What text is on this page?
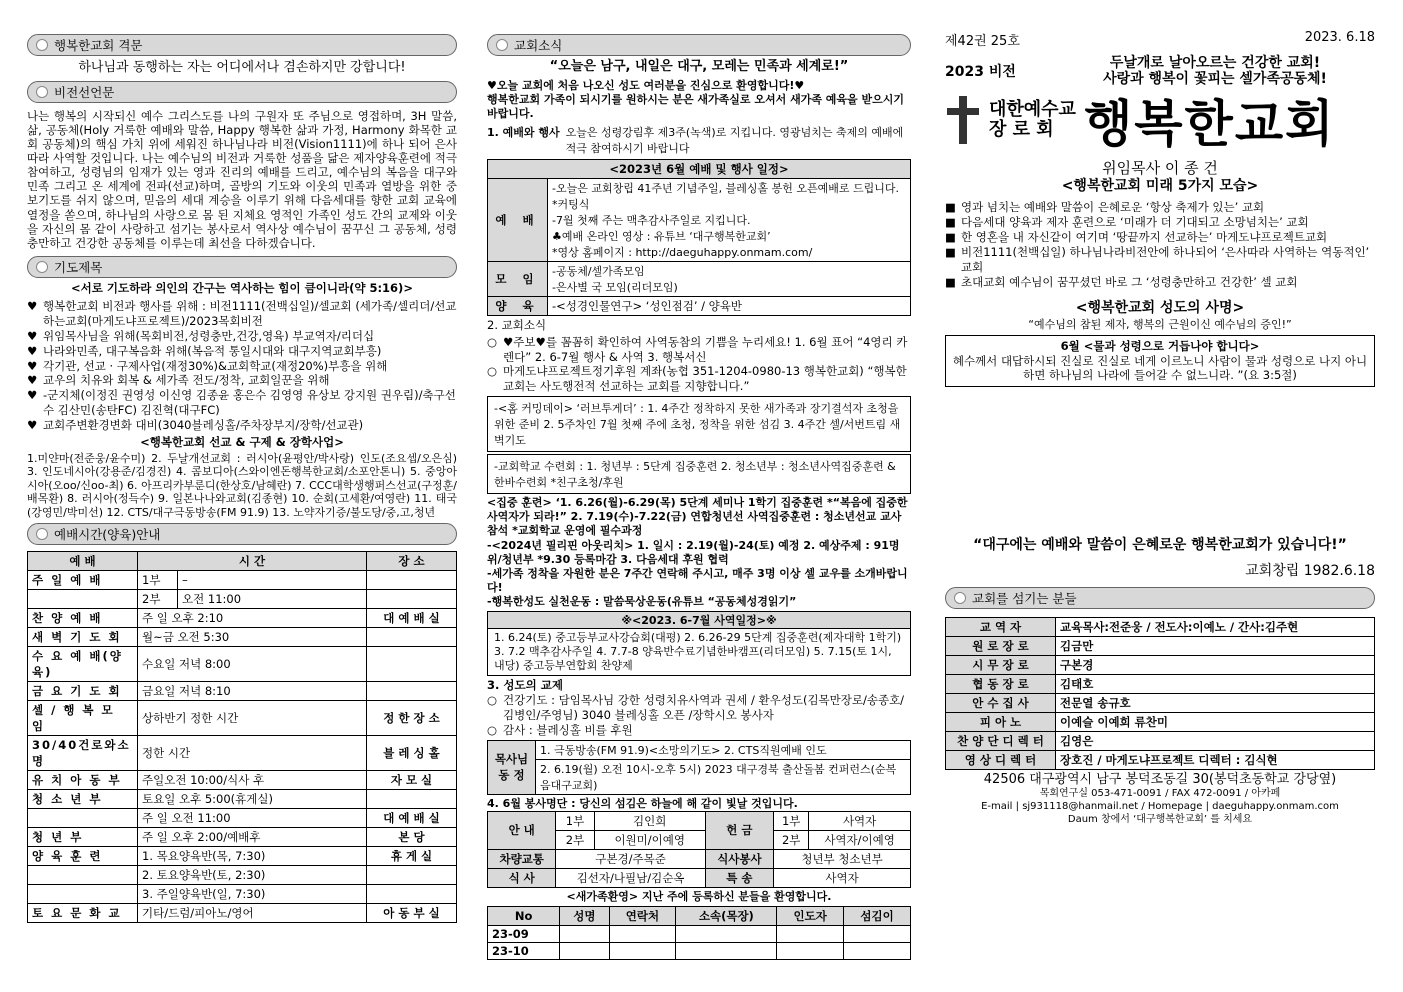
행복한교회 격문

하나님과 동행하는 자는 어디에서나 겸손하지만 강합니다!

비전선언문

나는 행복의 시작되신 예수 그리스도를 나의 구원자 또 주님으로 영접하며, 3H 말씀, 삶, 공동체(Holy 거룩한 예배와 말씀, Happy 행복한 삶과 가정, Harmony 화목한 교회 공동체)의 핵심 가치 위에 세워진 하나님나라 비전(Vision1111)에 하나 되어 은사 따라 사역할 것입니다. 나는 예수님의 비전과 거룩한 성품을 닮은 제자양육훈련에 적극 참여하고, 성령님의 임재가 있는 영과 진리의 예배를 드리고, 예수님의 복음을 대구와 민족 그리고 온 세계에 전파(선교)하며, 골방의 기도와 이웃의 민족과 열방을 위한 중보기도를 쉬지 않으며, 믿음의 세대 계승을 이루기 위해 다음세대를 향한 교회 교육에 열정을 쏟으며, 하나님의 사랑으로 몸 된 지체요 영적인 가족인 성도 간의 교제와 이웃을 자신의 몸 같이 사랑하고 섬기는 봉사로서 역사상 예수님이 꿈꾸신 그 공동체, 성령충만하고 건강한 공동체를 이루는데 최선을 다하겠습니다.

기도제목

<서로 기도하라 의인의 간구는 역사하는 힘이 큼이니라(약 5:16)>

♥ 행복한교회 비전과 행사를 위해 : 비전1111(전백십일)/셀교회 (세가족/셀리더/선교하는교회(마게도냐프로젝트)/2023목회비전
♥ 위임목사님을 위해(목회비전,성령충만,건강,영육) 부교역자/리더십
♥ 나라와민족, 대구복음화 위해(복음적 통일시대와 대구지역교회부흥)
♥ 각기관, 선교 · 구제사업(재정30%)&교회학교(재정20%)부흥을 위해
♥ 교우의 치유와 회복 & 세가족 전도/정착, 교회일꾼을 위해
♥ -군지체(이정진 권영성 이신영 김종윤 홍은수 김영영 유상보 강지원 권우림)/축구선수 김산민(송탄FC) 김진혁(대구FC)
♥ 교회주변환경변화 대비(3040블레싱홀/주차장부지/장학/선교관)

<행복한교회 선교 & 구제 & 장학사업>

1.미얀마(전준웅/윤수미) 2. 두날개선교회 : 러시아(윤평안/박사랑) 인도(조요셉/오은심) 3. 인도네시아(강용준/김경진) 4. 콤보디아(스와이엔돈행복한교회/소포안톤니) 5. 중앙아시아(오oo/신oo-최) 6. 아프리카부룬디(한상호/남혜란) 7. CCC대학생행퍼스선교(구정훈/배목환) 8. 러시아(정득수) 9. 일본나나와교회(김종현) 10. 순회(고세환/여영란) 11. 태국(강영민/박미선) 12. CTS/대구극동방송(FM 91.9) 13. 노약자기증/불도당/중,고,청년

예배시간(양육)안내
예 배	시 간		장 소
주 일 예 배	1부	–	
	2부	오전 11:00	
찬 양 예 배	주 일 오후 2:10		대 예 배 실
새 벽 기 도 회	월~금 오전 5:30		
수 요 예 배(양육)	수요일 저녁 8:00		
금 요 기 도 회	금요일 저녁 8:10		
셀 / 행 복 모 임	상하반기 정한 시간		정 한 장 소
30/40건로와소명	정한 시간		블 레 싱 홀
유 치 아 동 부	주일오전 10:00/식사 후		자 모 실
청 소 년 부	토요일 오후 5:00(휴게실)		
	주 일 오전 11:00		대 예 배 실
청 년 부	주 일 오후 2:00/예배후		본 당
양 육 훈 련	1. 목요양육반(목, 7:30)		휴 게 실
	2. 토요양육반(토, 2:30)		
	3. 주일양육반(일, 7:30)		
토 요 문 화 교	기타/드럼/피아노/영어		아 동 부 실
교회소식

“오늘은 남구, 내일은 대구, 모레는 민족과 세계로!”

♥오늘 교회에 처음 나오신 성도 여러분을 진심으로 환영합니다!♥

행복한교회 가족이 되시기를 원하시는 분은 새가족실로 오셔서 새가족 예육을 받으시기 바랍니다.

1. 예배와 행사 오늘은 성령강림후 제3주(녹색)로 지킵니다. 영광넘치는 축제의 예배에 적극 참여하시기 바랍니다
<2023년 6월 예배 및 행사 일정>	
예 배	-오늘은 교회창립 41주년 기념주일, 블레싱홀 봉헌 오픈예배로 드립니다. *커팅식
-7월 첫째 주는 맥추감사주일로 지킵니다.
♣예배 온라인 영상 : 유튜브 ‘대구행복한교회’
*영상 홈페이지 : http://daeguhappy.onmam.com/

모 임	-공동체/셀가족모임
-은사별 국 모임(리더모임)

양 육	-<성경인물연구> ‘성인점검’ / 양육반

2. 교회소식

○ ♥주보♥를 꼼꼼히 확인하여 사역동참의 기쁨을 누리세요! 1. 6월 표어 “4영리 카렌다” 2. 6-7월 행사 & 사역 3. 행복서신
○ 마게도냐프로젝트정기후원 계좌(농협 351-1204-0980-13 행복한교회) “행복한교회는 사도행전적 선교하는 교회를 지향합니다.”
-<홈 커밍데이> ‘러브투게더’ : 1. 4주간 정착하지 못한 새가족과 장기결석자 초청을 위한 준비 2. 5주차인 7월 첫째 주에 초청, 정착을 위한 섬김 3. 4주간 셀/서번트림 새벽기도
-교회학교 수련회 : 1. 청년부 : 5단계 집중훈련 2. 청소년부 : 청소년사역집중훈련 & 한바수련회 *친구초청/후원

<집중 훈련> ‘1. 6.26(월)-6.29(목) 5단계 세미나 1학기 집중훈련 *“복음에 집중한 사역자가 되라!” 2. 7.19(수)-7.22(금) 연합청년선 사역집중훈련 : 청소년선교 교사 참석 *교회학교 운영에 필수과정

-<2024년 필리핀 아웃리치> 1. 일시 : 2.19(월)-24(토) 예정 2. 예상주제 : 91명위/청년부 *9.30 등록마감 3. 다음세대 후원 협력

-세가족 정착을 자원한 분은 7주간 연락해 주시고, 매주 3명 이상 셀 교우를 소개바랍니다!

-행복한성도 실천운동 : 말씀묵상운동(유튜브 “공동체성경읽기”

※<2023. 6-7월 사역일정>※

1. 6.24(토) 중고등부교사강습회(대평) 2. 6.26-29 5단계 집중훈련(제자대학 1학기) 3. 7.2 맥추감사주일 4. 7.7-8 양육반수료기념한바캠프(리더모임) 5. 7.15(토 1시, 내당) 중고등부연합회 찬양제

3. 성도의 교제

○ 건강기도 : 담임목사님 강한 성령치유사역과 권세 / 환우성도(김목만장로/송종호/김병인/주영님) 3040 블레싱홀 오픈 /장학시오 봉사자
○ 감사 : 블레싱홀 비를 후원
목사님 동 정	1. 극동방송(FM 91.9)<소망의기도> 2. CTS직원예배 인도
2. 6.19(월) 오전 10시-오후 5시) 2023 대구경북 출산돌봄 컨퍼런스(순복음대구교회)

4. 6월 봉사명단 : 당신의 섬김은 하늘에 해 같이 빛날 것입니다.

안 내	1부	김인희	헌 금	1부	사역자
	2부	이원미/이예영		2부	사역자/이예영
차량교통	구본경/주목준		식사봉사	청년부 청소년부	
식 사	김선자/나필남/김순옥		특 송	사역자	

<새가족환영> 지난 주에 등록하신 분들을 환영합니다.

No	성명	연락처	소속(목장)	인도자	섬김이
23-09					
23-10					
제42권 25호	2023. 6.18
2023 비전
두날개로 날아오르는 건강한 교회!
사랑과 행복이 꽃피는 셀가족공동체!
대한예수교
장 로 회 행복한교회

위임목사 이 종 건

<행복한교회 미래 5가지 모습>

■ 영과 넘치는 예배와 말씀이 은혜로운 ‘항상 축제가 있는’ 교회
■ 다음세대 양육과 제자 훈련으로 ‘미래가 더 기대되고 소망넘치는’ 교회
■ 한 영혼을 내 자신같이 여기며 ‘땅끝까지 선교하는’ 마게도냐프로젝트교회
■ 비전1111(천백십일) 하나님나라비전안에 하나되어 ‘은사따라 사역하는 역동적인’ 교회
■ 초대교회 예수님이 꿈꾸셨던 바로 그 ‘성령충만하고 건강한’ 셀 교회

<행복한교회 성도의 사명>

“예수님의 참된 제자, 행복의 근원이신 예수님의 증인!”

6월 <물과 성령으로 거듭나야 합니다>

혜수께서 대답하시되 진실로 진실로 네게 이르노니 사람이 물과 성령으로 나지 아니하면 하나님의 나라에 들어갈 수 없느니라. ”(요 3:5절)

“대구에는 예배와 말씀이 은혜로운 행복한교회가 있습니다!”

교회창립 1982.6.18

교회를 섬기는 분들
교 역 자	교육목사:전준웅 / 전도사:이예노 / 간사:김주현
원 로 장 로	김금만
시 무 장 로	구본경
협 동 장 로	김태호
안 수 집 사	전문열 송규호
피 아 노	이예슬 이예희 류찬미
찬 양 단 디 렉 터	김영은
영 상 디 렉 터	장호진 / 마게도냐프로젝트 디렉터 : 김식현

42506 대구광역시 남구 봉덕조동길 30(봉덕초동학교 강당옆)

목회연구실 053-471-0091 / FAX 472-0091 / 아카페

E-mail | sj931118@hanmail.net / Homepage | daeguhappy.onmam.com

Daum 창에서 ‘대구행복한교회’ 를 치세요
